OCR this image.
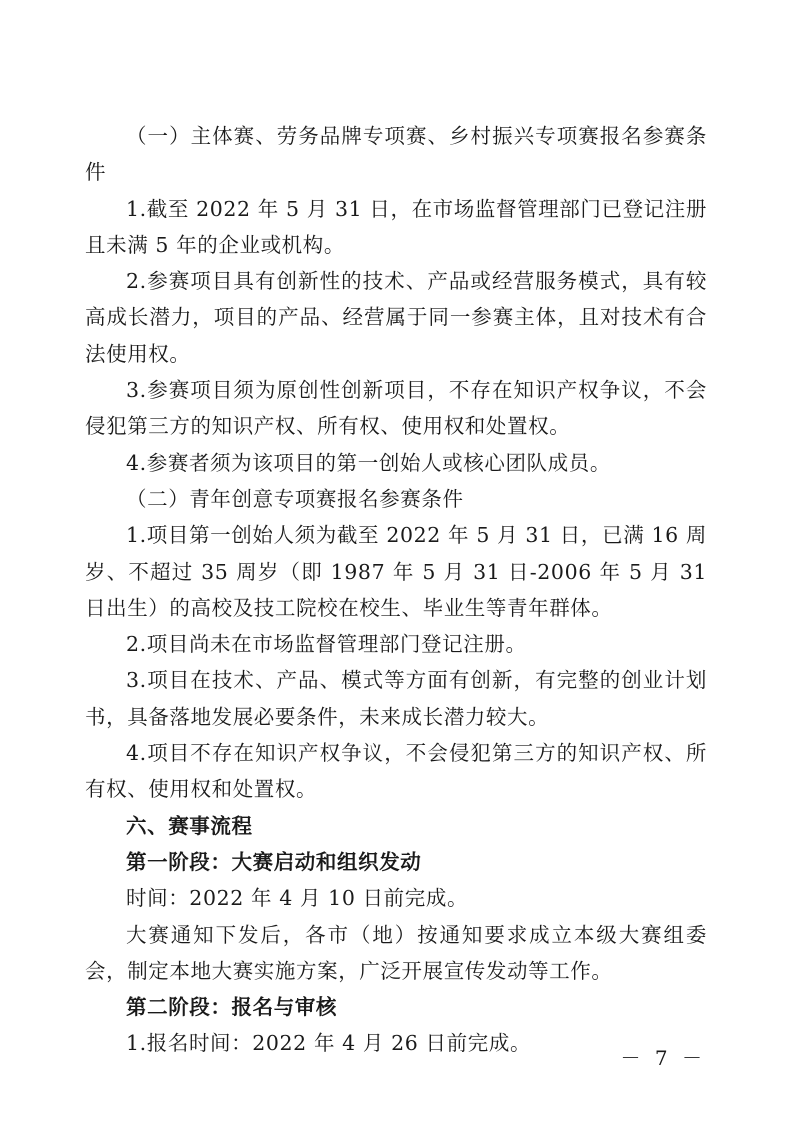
（一）主体赛、劳务品牌专项赛、乡村振兴专项赛报名参赛条件

1.截至 2022 年 5 月 31 日，在市场监督管理部门已登记注册且未满 5 年的企业或机构。

2.参赛项目具有创新性的技术、产品或经营服务模式，具有较高成长潜力，项目的产品、经营属于同一参赛主体，且对技术有合法使用权。

3.参赛项目须为原创性创新项目，不存在知识产权争议，不会侵犯第三方的知识产权、所有权、使用权和处置权。

4.参赛者须为该项目的第一创始人或核心团队成员。

（二）青年创意专项赛报名参赛条件

1.项目第一创始人须为截至 2022 年 5 月 31 日，已满 16 周岁、不超过 35 周岁（即 1987 年 5 月 31 日-2006 年 5 月 31 日出生）的高校及技工院校在校生、毕业生等青年群体。

2.项目尚未在市场监督管理部门登记注册。

3.项目在技术、产品、模式等方面有创新，有完整的创业计划书，具备落地发展必要条件，未来成长潜力较大。

4.项目不存在知识产权争议，不会侵犯第三方的知识产权、所有权、使用权和处置权。

六、赛事流程

第一阶段：大赛启动和组织发动

时间：2022 年 4 月 10 日前完成。

大赛通知下发后，各市（地）按通知要求成立本级大赛组委会，制定本地大赛实施方案，广泛开展宣传发动等工作。

第二阶段：报名与审核

1.报名时间：2022 年 4 月 26 日前完成。

－ 7 －
